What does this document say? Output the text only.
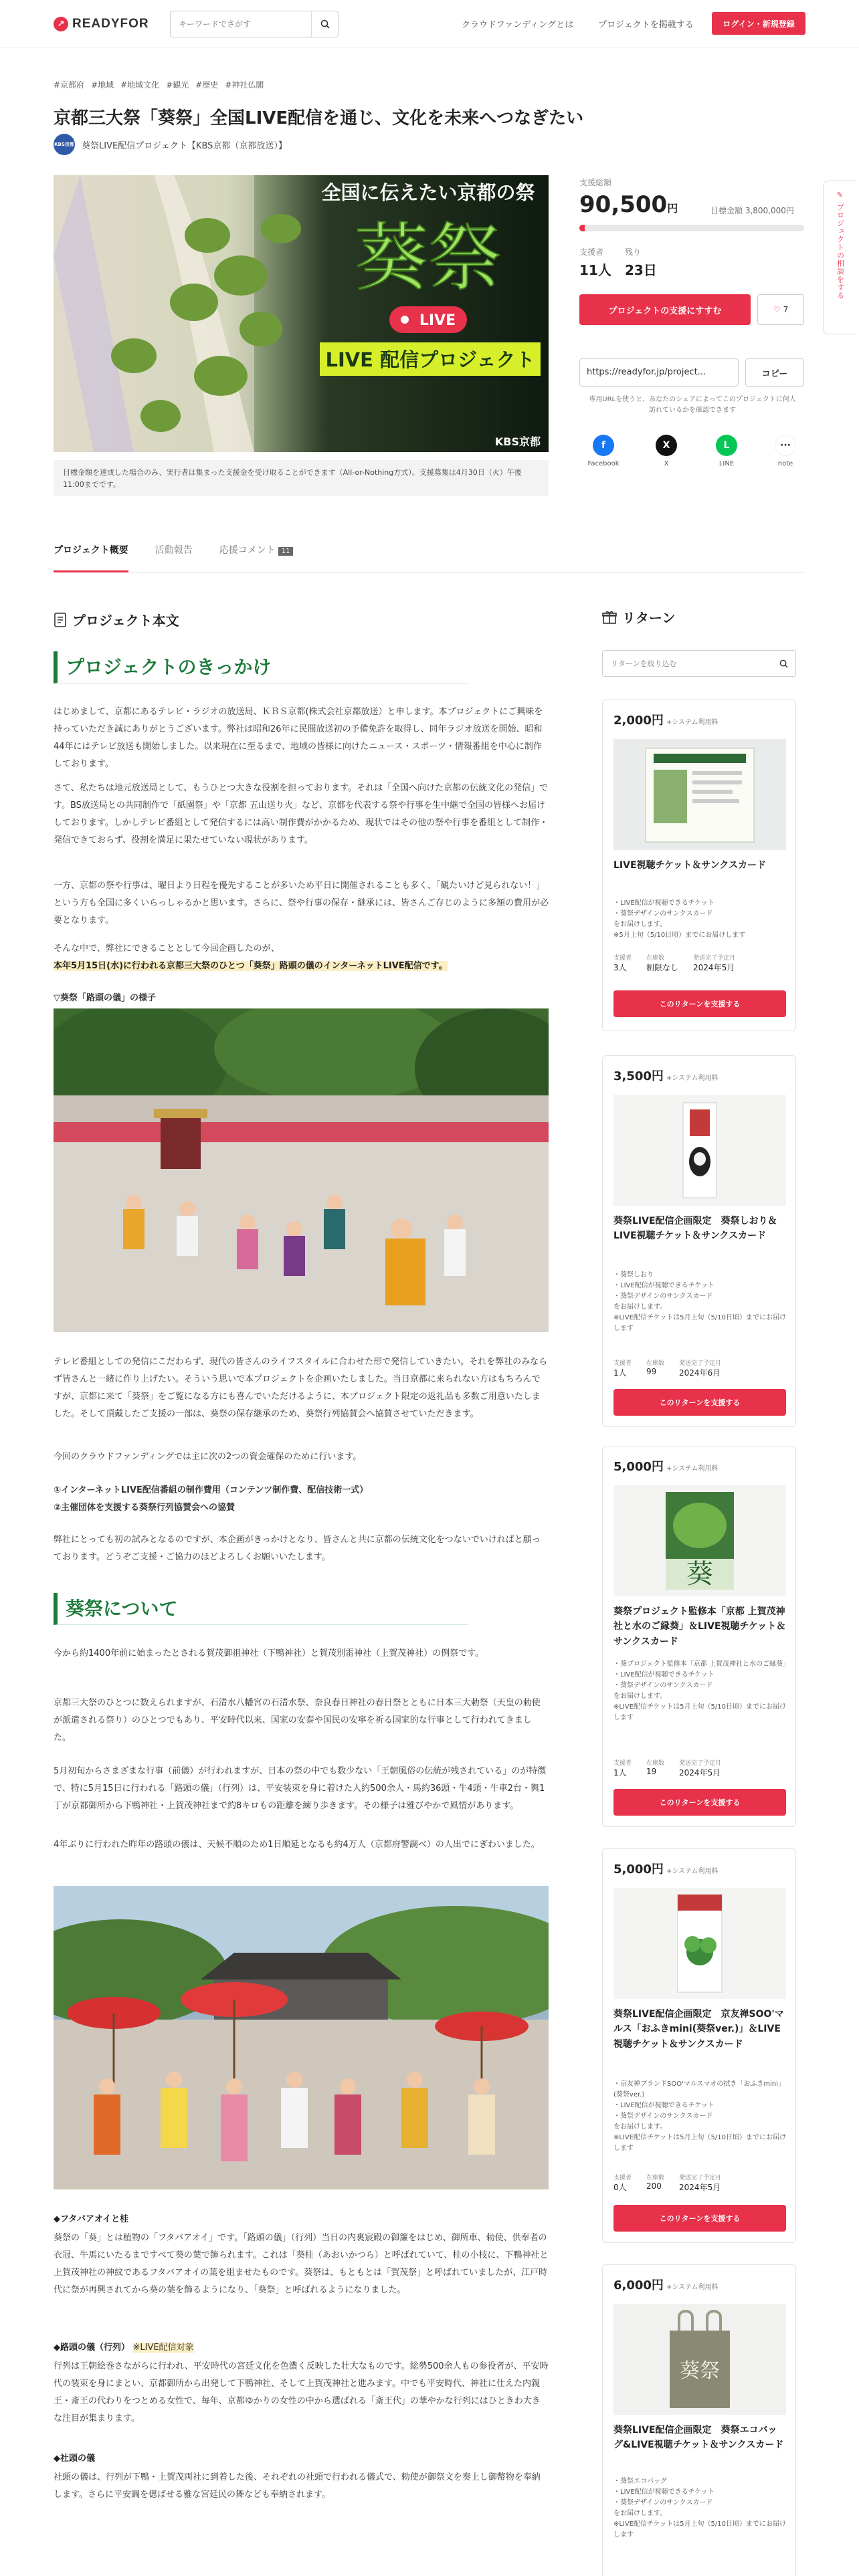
↗ READYFOR
キーワードでさがす	クラウドファンディングとは	プロジェクトを掲載する	ログイン・新規登録
#京都府 #地域 #地域文化 #観光 #歴史 #神社仏閣
京都三大祭「葵祭」全国LIVE配信を通じ、文化を未来へつなぎたい
KBS京都 葵祭LIVE配信プロジェクト【KBS京都（京都放送）】
全国に伝えたい京都の祭
葵祭
LIVE
LIVE 配信プロジェクト
KBS京都
目標金額を達成した場合のみ、実行者は集まった支援金を受け取ることができます（All-or-Nothing方式）。支援募集は4月30日（火）午後11:00までです。
支援総額
90,500円	目標金額 3,800,000円
支援者
11人
残り
23日
プロジェクトの支援にすすむ	♡ 7
https://readyfor.jp/project...	コピー
専用URLを使うと、あなたのシェアによってこのプロジェクトに何人訪れているかを確認できます
f
Facebook
X
X
L
LINE
···
note
✎
プロジェクトの相談をする
プロジェクト概要	活動報告	応援コメント 11
プロジェクト本文
プロジェクトのきっかけ

はじめまして、京都にあるテレビ・ラジオの放送局、ＫＢＳ京都(株式会社京都放送）と申します。本プロジェクトにご興味を持っていただき誠にありがとうございます。弊社は昭和26年に民間放送初の予備免許を取得し、同年ラジオ放送を開始、昭和44年にはテレビ放送も開始しました。以来現在に至るまで、地域の皆様に向けたニュース・スポーツ・情報番組を中心に制作しております。

さて、私たちは地元放送局として、もうひとつ大きな役割を担っております。それは「全国へ向けた京都の伝統文化の発信」です。BS放送局との共同制作で「紙園祭」や「京都 五山送り火」など、京都を代表する祭や行事を生中継で全国の皆様へお届けしております。しかしテレビ番組として発信するには高い制作費がかかるため、現状ではその他の祭や行事を番組として制作・発信できておらず、役割を満足に果たせていない現状があります。

一方、京都の祭や行事は、曜日より日程を優先することが多いため平日に開催されることも多く、「観たいけど見られない！」という方も全国に多くいらっしゃるかと思います。さらに、祭や行事の保存・継承には、皆さんご存じのように多額の費用が必要となります。

そんな中で、弊社にできることとして今回企画したのが、
本年5月15日(水)に行われる京都三大祭のひとつ「葵祭」路頭の儀のインターネットLIVE配信です。

▽葵祭「路頭の儀」の様子

テレビ番組としての発信にこだわらず、現代の皆さんのライフスタイルに合わせた形で発信していきたい。それを弊社のみならず皆さんと一緒に作り上げたい。そういう思いで本プロジェクトを企画いたしました。当日京都に来られない方はもちろんですが、京都に来て「葵祭」をご覧になる方にも喜んでいただけるように、本プロジェクト限定の返礼品も多数ご用意いたしました。そして頂戴したご支援の一部は、葵祭の保存継承のため、葵祭行列協賛会へ協賛させていただきます。

今回のクラウドファンディングでは主に次の2つの資金確保のために行います。

①インターネットLIVE配信番組の制作費用（コンテンツ制作費、配信技術一式）
②主催団体を支援する葵祭行列協賛会への協賛

弊社にとっても初の試みとなるのですが、本企画がきっかけとなり、皆さんと共に京都の伝統文化をつないでいければと願っております。どうぞご支援・ご協力のほどよろしくお願いいたします。

葵祭について

今から約1400年前に始まったとされる賀茂御祖神社（下鴨神社）と賀茂別雷神社（上賀茂神社）の例祭です。

京都三大祭のひとつに数えられますが、石清水八幡宮の石清水祭、奈良春日神社の春日祭とともに日本三大勅祭（天皇の勅使が派遣される祭り）のひとつでもあり、平安時代以来、国家の安泰や国民の安寧を祈る国家的な行事として行われてきました。

5月初旬からさまざまな行事（前儀）が行われますが、日本の祭の中でも数少ない「王朝風俗の伝統が残されている」のが特徴で、特に5月15日に行われる「路頭の儀」（行列）は、平安装束を身に着けた人約500余人・馬約36頭・牛4頭・牛車2台・輿1丁が京都御所から下鴨神社・上賀茂神社まで約8キロもの距離を練り歩きます。その様子は雅びやかで風情があります。

4年ぶりに行われた昨年の路頭の儀は、天候不順のため1日順延となるも約4万人（京都府警調べ）の人出でにぎわいました。

◆フタバアオイと桂

葵祭の「葵」とは植物の「フタバアオイ」です。「路頭の儀」（行列）当日の内裏宸殿の御簾をはじめ、御所車、勅使、供奉者の衣冠、牛馬にいたるまですべて葵の葉で飾られます。これは「葵桂（あおいかつら）と呼ばれていて、桂の小枝に、下鴨神社と上賀茂神社の神紋であるフタバアオイの葉を組ませたものです。葵祭は、もともとは「賀茂祭」と呼ばれていましたが、江戸時代に祭が再興されてから葵の葉を飾るようになり、「葵祭」と呼ばれるようになりました。

◆路頭の儀（行列） ※LIVE配信対象

行列は王朝絵巻さながらに行われ、平安時代の宮廷文化を色濃く反映した壮大なものです。総勢500余人もの参役者が、平安時代の装束を身にまとい、京都御所から出発して下鴨神社、そして上賀茂神社と進みます。中でも平安時代、神社に仕えた内親王・斎王の代わりをつとめる女性で、毎年、京都ゆかりの女性の中から選ばれる「斎王代」の華やかな行列にはひときわ大きな注目が集まります。

◆社頭の儀

社頭の儀は、行列が下鴨・上賀茂両社に到着した後、それぞれの社頭で行われる儀式で、勅使が御祭文を奏上し御幣物を奉納します。さらに平安調を偲ばせる雅な宮廷民の舞なども奉納されます。

リターン
リターンを絞り込む
2,000円 +システム利用料
LIVE視聴チケット＆サンクスカード
・LIVE配信が視聴できるチケット
・葵祭デザインのサンクスカード
をお届けします。
※5月上旬（5/10日頃）までにお届けします
支援者
3人
在庫数
制限なし
発送完了予定月
2024年5月
このリターンを支援する
3,500円 +システム利用料
葵祭LIVE配信企画限定　葵祭しおり＆LIVE視聴チケット＆サンクスカード
・葵祭しおり
・LIVE配信が視聴できるチケット
・葵祭デザインのサンクスカード
をお届けします。
※LIVE配信チケットは5月上旬（5/10日頃）までにお届けします
支援者
1人
在庫数
99
発送完了予定月
2024年6月
このリターンを支援する
5,000円 +システム利用料
葵
葵祭プロジェクト監修本「京都 上賀茂神社と水のご縁葵」＆LIVE視聴チケット＆サンクスカード
・葵プロジェクト監修本「京都 上賀茂神社と水のご縁葵」
・LIVE配信が視聴できるチケット
・葵祭デザインのサンクスカード
をお届けします。
※LIVE配信チケットは5月上旬（5/10日頃）までにお届けします
支援者
1人
在庫数
19
発送完了予定月
2024年5月
このリターンを支援する
5,000円 +システム利用料
葵祭LIVE配信企画限定　京友禅SOO'マルス「おふきmini(葵祭ver.)」＆LIVE視聴チケット＆サンクスカード
・京友禅ブランドSOO'マルスマオの拭き「おふきmini」(葵祭ver.)
・LIVE配信が視聴できるチケット
・葵祭デザインのサンクスカード
をお届けします。
※LIVE配信チケットは5月上旬（5/10日頃）までにお届けします
支援者
0人
在庫数
200
発送完了予定月
2024年5月
このリターンを支援する
6,000円 +システム利用料
葵祭
葵祭LIVE配信企画限定　葵祭エコバッグ&LIVE視聴チケット＆サンクスカード
・葵祭エコバッグ
・LIVE配信が視聴できるチケット
・葵祭デザインのサンクスカード
をお届けします。
※LIVE配信チケットは5月上旬（5/10日頃）までにお届けします
